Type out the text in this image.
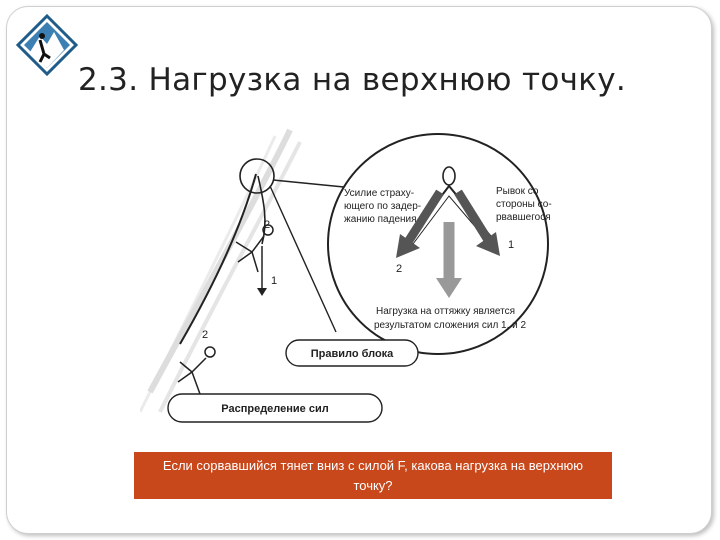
2.3. Нагрузка на верхнюю точку.
1
2
2
1
2
Усилие страху-
ющего по задер-
жанию падения
Рывок со
стороны со-
рвавшегося
Нагрузка на оттяжку является
результатом сложения сил 1. и 2
Правило блока
Распределение сил
Если сорвавшийся тянет вниз с силой F, какова нагрузка на верхнюю точку?
